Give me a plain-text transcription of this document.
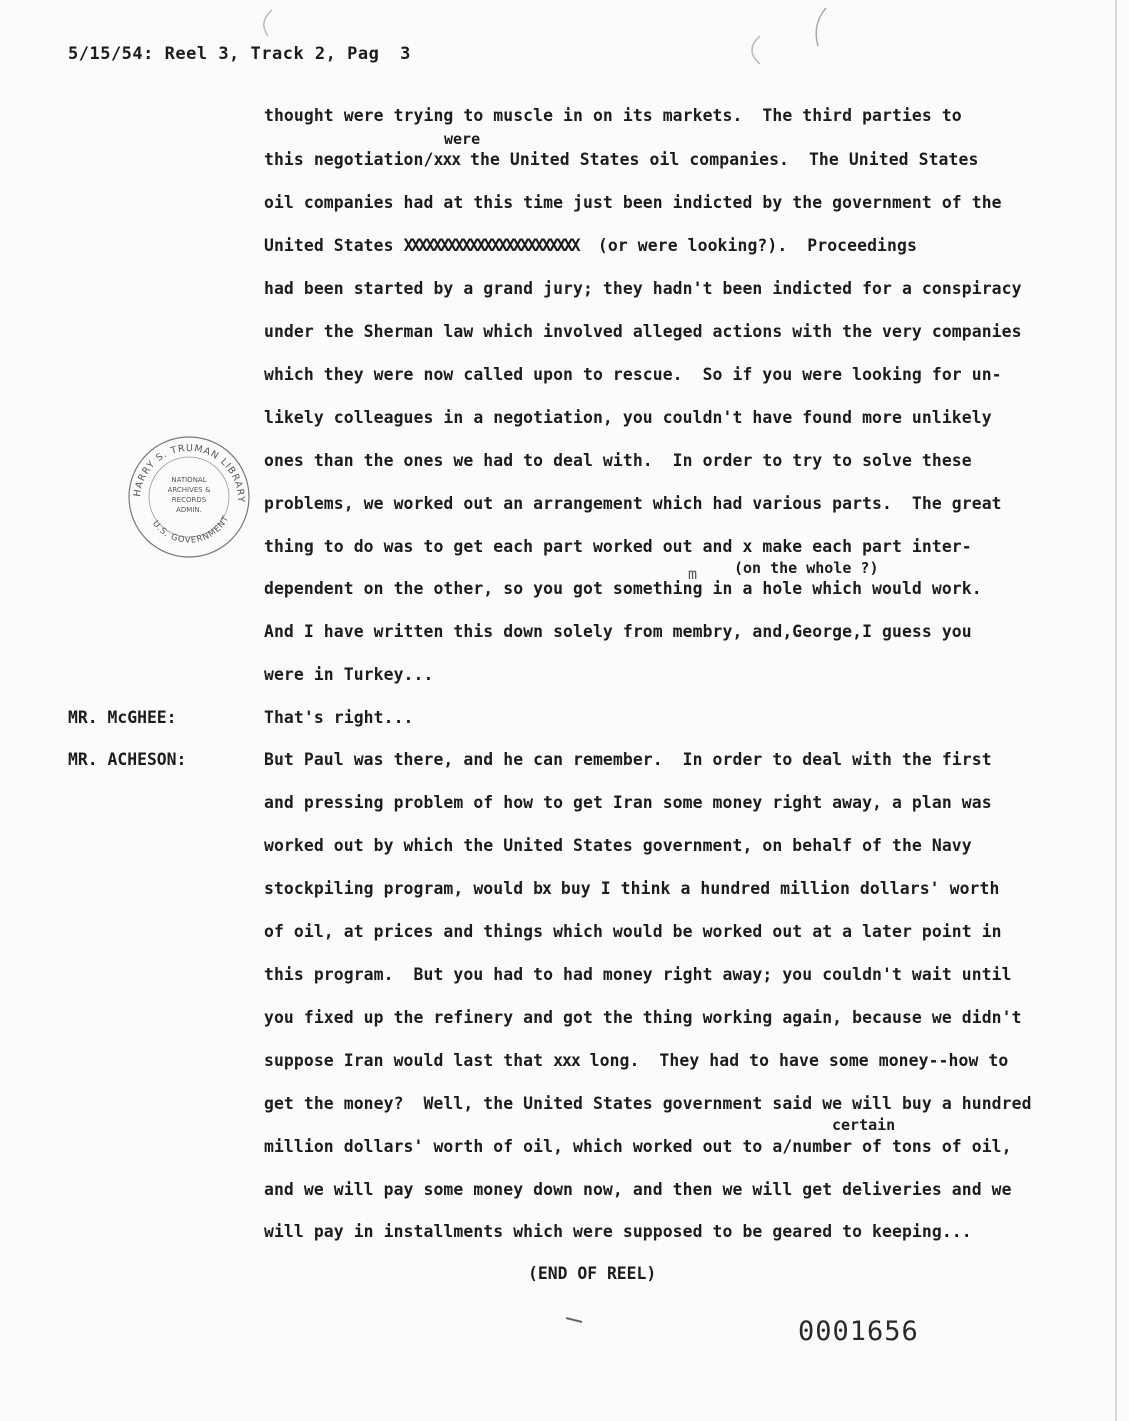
5/15/54: Reel 3, Track 2, Pag 3
thought were trying to muscle in on its markets.  The third parties to
were
this negotiation/xxx the United States oil companies.  The United States
oil companies had at this time just been indicted by the government of the
United States XXXXXXXXXXXXXXXXXXXXXXXX  (or were looking?).  Proceedings
had been started by a grand jury; they hadn't been indicted for a conspiracy
under the Sherman law which involved alleged actions with the very companies
which they were now called upon to rescue.  So if you were looking for un-
likely colleagues in a negotiation, you couldn't have found more unlikely
ones than the ones we had to deal with.  In order to try to solve these
problems, we worked out an arrangement which had various parts.  The great
thing to do was to get each part worked out and x make each part inter-
(on the whole ?)
m
dependent on the other, so you got something in a hole which would work.
And I have written this down solely from membry, and,George,I guess you
were in Turkey...
MR. McGHEE:	That's right...
MR. ACHESON:	But Paul was there, and he can remember.  In order to deal with the first
and pressing problem of how to get Iran some money right away, a plan was
worked out by which the United States government, on behalf of the Navy
stockpiling program, would bx buy I think a hundred million dollars' worth
of oil, at prices and things which would be worked out at a later point in
this program.  But you had to had money right away; you couldn't wait until
you fixed up the refinery and got the thing working again, because we didn't
suppose Iran would last that xxx long.  They had to have some money--how to
get the money?  Well, the United States government said we will buy a hundred
certain
million dollars' worth of oil, which worked out to a/number of tons of oil,
and we will pay some money down now, and then we will get deliveries and we
will pay in installments which were supposed to be geared to keeping...
(END OF REEL)
0001656
HARRY S. TRUMAN LIBRARY
U.S. GOVERNMENT
NATIONAL
ARCHIVES &
RECORDS
ADMIN.
